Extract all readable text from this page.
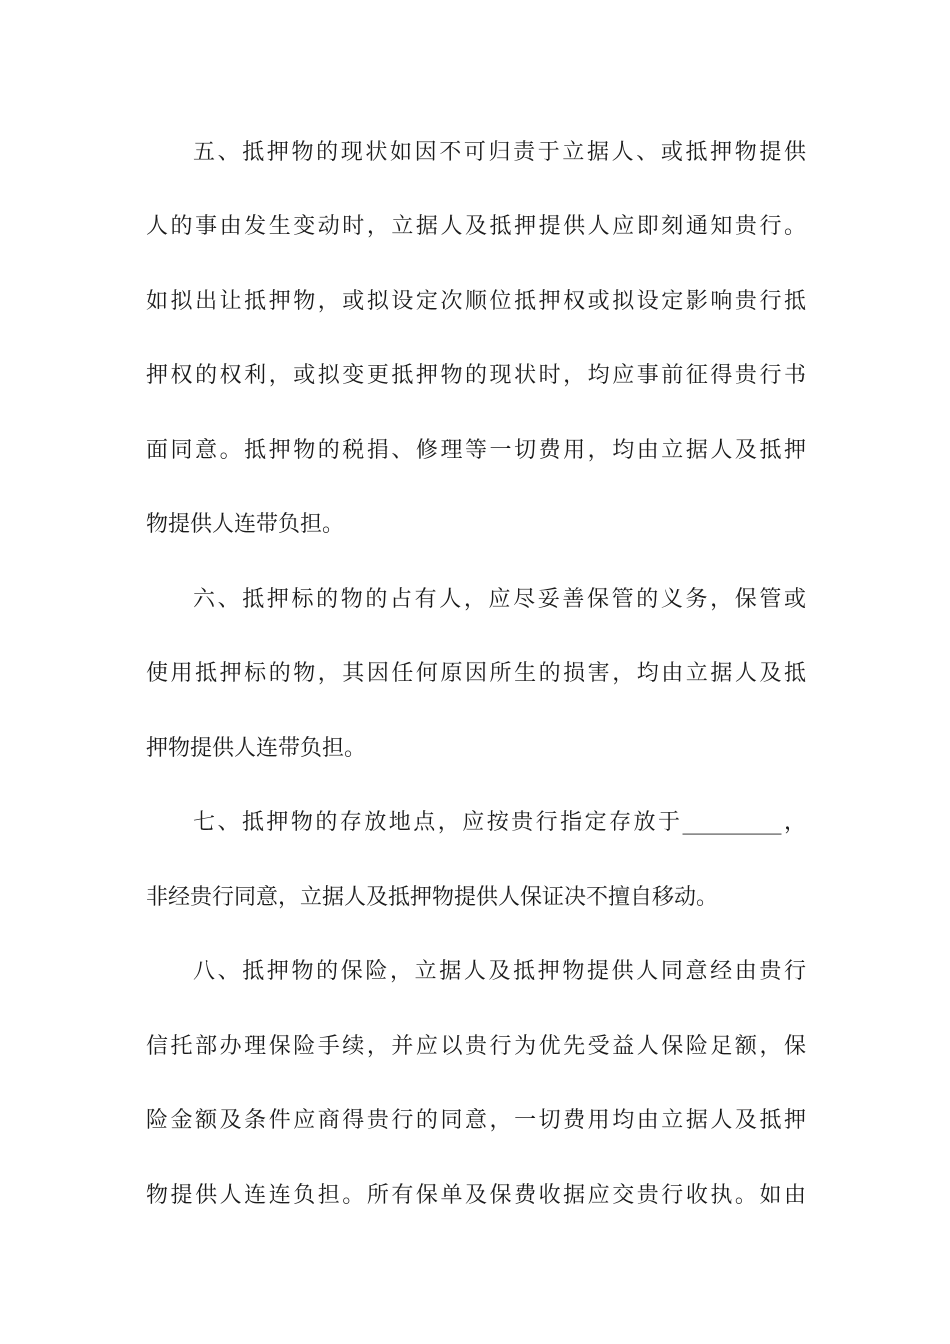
五、抵押物的现状如因不可归责于立据人、或抵押物提供

人的事由发生变动时，立据人及抵押提供人应即刻通知贵行。

如拟出让抵押物，或拟设定次顺位抵押权或拟设定影响贵行抵

押权的权利，或拟变更抵押物的现状时，均应事前征得贵行书

面同意。抵押物的税捐、修理等一切费用，均由立据人及抵押

物提供人连带负担。

六、抵押标的物的占有人，应尽妥善保管的义务，保管或

使用抵押标的物，其因任何原因所生的损害，均由立据人及抵

押物提供人连带负担。

七、抵押物的存放地点，应按贵行指定存放于_________，

非经贵行同意，立据人及抵押物提供人保证决不擅自移动。

八、抵押物的保险，立据人及抵押物提供人同意经由贵行

信托部办理保险手续，并应以贵行为优先受益人保险足额，保

险金额及条件应商得贵行的同意，一切费用均由立据人及抵押

物提供人连连负担。所有保单及保费收据应交贵行收执。如由
